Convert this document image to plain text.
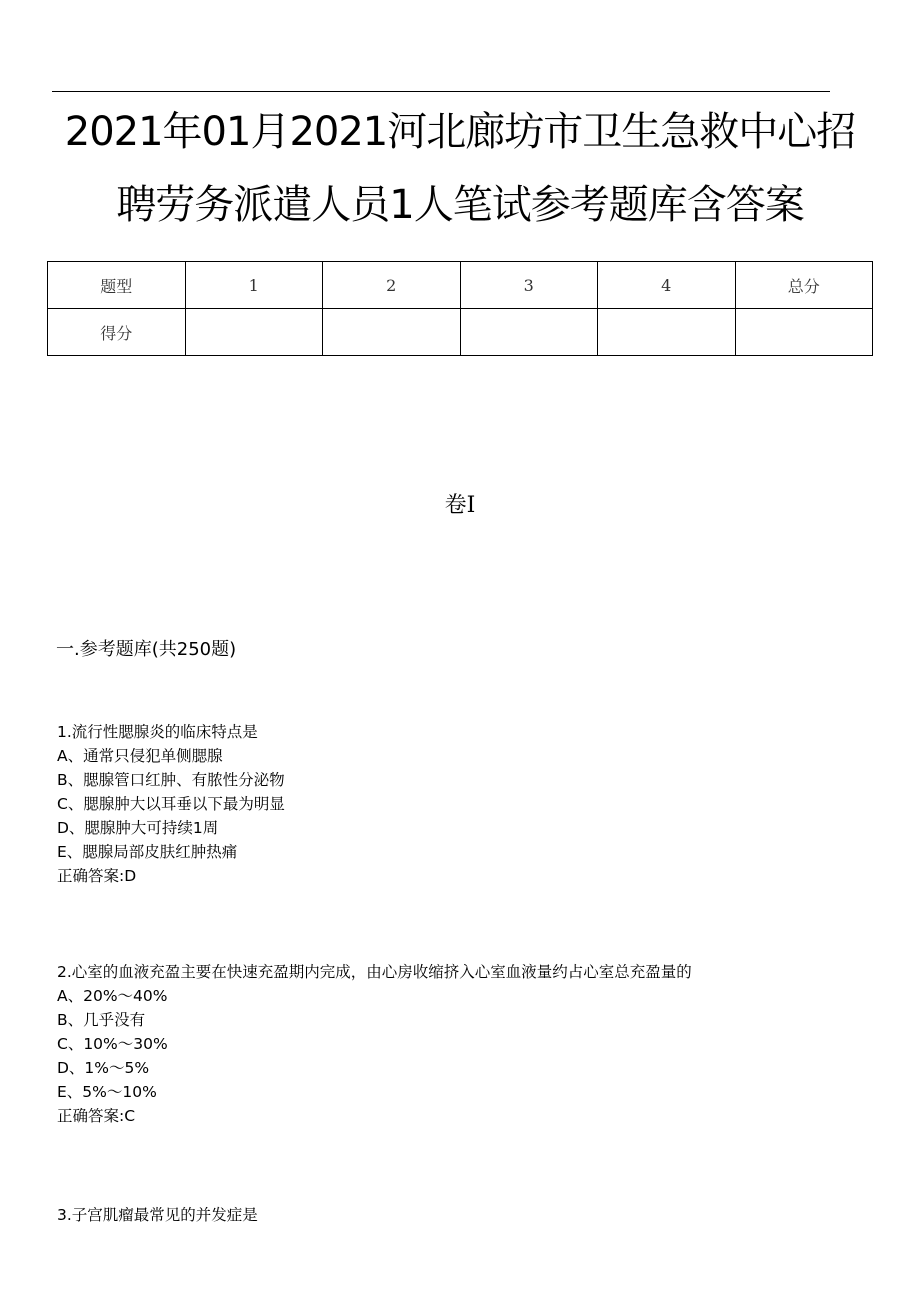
2021年01月2021河北廊坊市卫生急救中心招
聘劳务派遣人员1人笔试参考题库含答案
题型	1	2	3	4	总分
得分					
卷I
一.参考题库(共250题)
1.流行性腮腺炎的临床特点是
A、通常只侵犯单侧腮腺
B、腮腺管口红肿、有脓性分泌物
C、腮腺肿大以耳垂以下最为明显
D、腮腺肿大可持续1周
E、腮腺局部皮肤红肿热痛
正确答案:D
2.心室的血液充盈主要在快速充盈期内完成，由心房收缩挤入心室血液量约占心室总充盈量的
A、20%～40%
B、几乎没有
C、10%～30%
D、1%～5%
E、5%～10%
正确答案:C
3.子宫肌瘤最常见的并发症是
